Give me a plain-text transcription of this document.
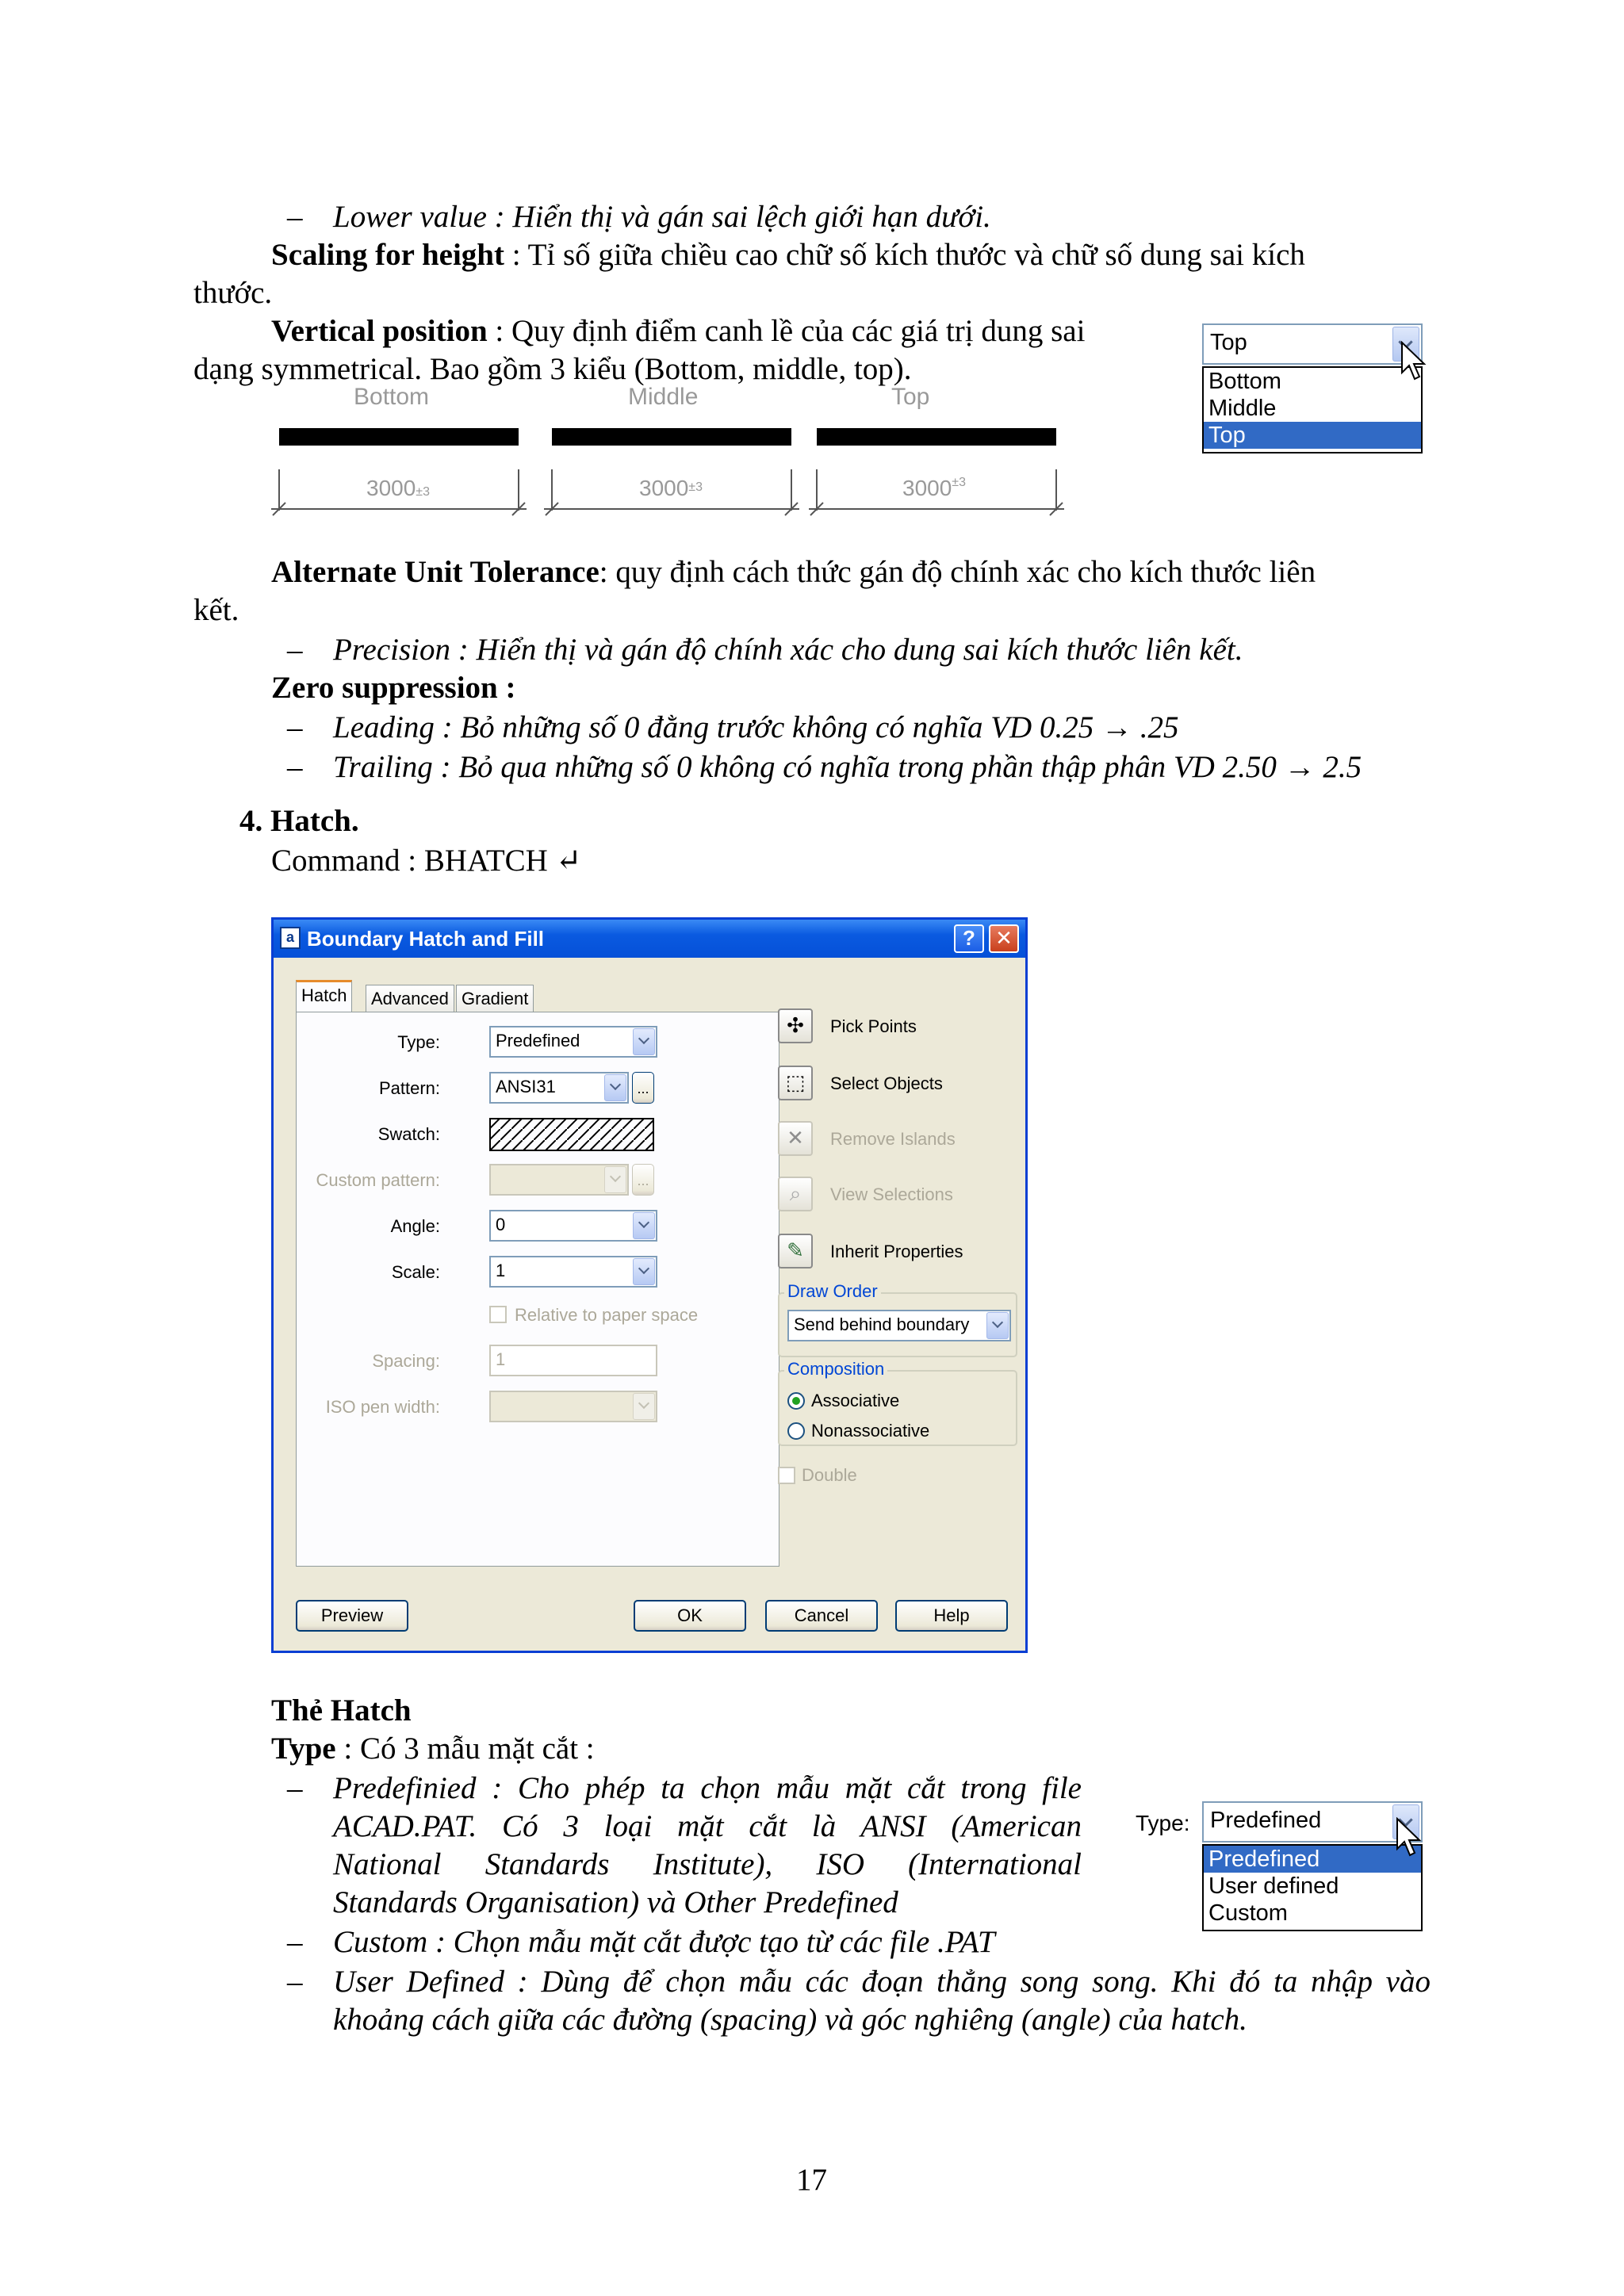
– Lower value : Hiển thị và gán sai lệch giới hạn dưới.
Scaling for height : Tỉ số giữa chiều cao chữ số kích thước và chữ số dung sai kích
thước.
Vertical position : Quy định điểm canh lề của các giá trị dung sai
dạng symmetrical. Bao gồm 3 kiểu (Bottom, middle, top).
Top
Bottom
Middle
Top
Bottom	Middle	Top
3000±3	$3000^{\pm 3}$	$3000^{\pm 3}$
Alternate Unit Tolerance: quy định cách thức gán độ chính xác cho kích thước liên
kết.
– Precision : Hiển thị và gán độ chính xác cho dung sai kích thước liên kết.
Zero suppression :
– Leading : Bỏ những số 0 đằng trước không có nghĩa VD 0.25 → .25
– Trailing : Bỏ qua những số 0 không có nghĩa trong phần thập phân VD 2.50 → 2.5
4. Hatch.
Command : BHATCH ↵
a Boundary Hatch and Fill	? ✕
Hatch	Advanced Gradient
Type:	Predefined
Pattern:	ANSI31	...
Swatch:
Custom pattern:	...
Angle:	0
Scale:	1
Relative to paper space
Spacing:	1
ISO pen width:
✣	Pick Points
⬚	Select Objects
✕	Remove Islands
⌕	View Selections
✎	Inherit Properties
Draw Order
Send behind boundary
Composition
Associative
Nonassociative
Double
Preview	OK	Cancel	Help
Thẻ Hatch
Type : Có 3 mẫu mặt cắt :
– Predefinied : Cho phép ta chọn mẫu mặt cắt trong file
ACAD.PAT. Có 3 loại mặt cắt là ANSI (American
National Standards Institute), ISO (International
Standards Organisation) và Other Predefined
– Custom : Chọn mẫu mặt cắt được tạo từ các file .PAT
– User Defined : Dùng để chọn mẫu các đoạn thẳng song song. Khi đó ta nhập vào
khoảng cách giữa các đường (spacing) và góc nghiêng (angle) của hatch.
Type: Predefined
Predefined
User defined
Custom
17
